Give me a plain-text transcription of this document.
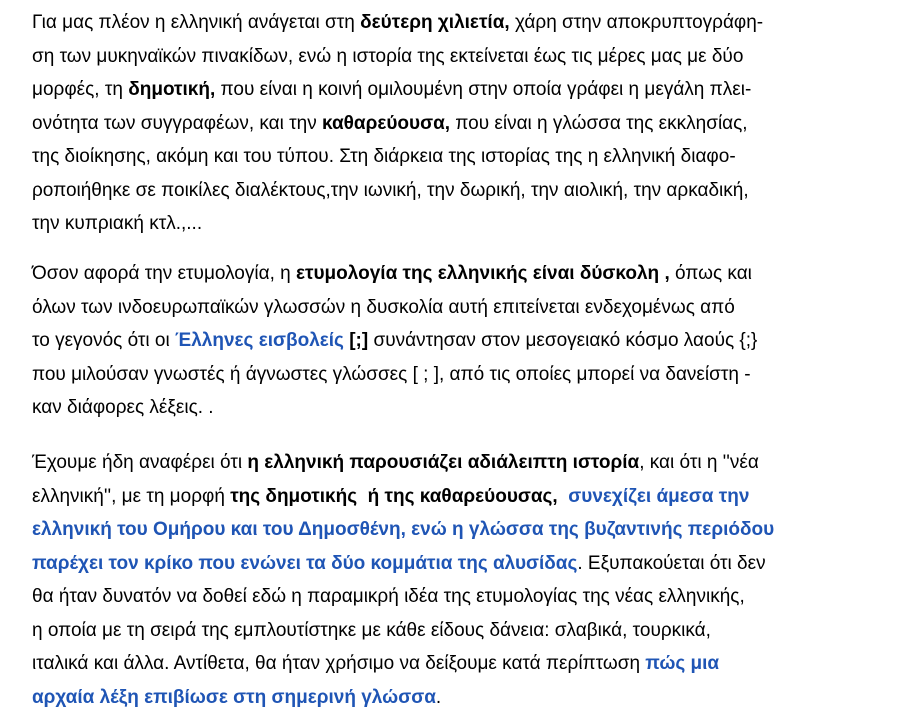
Για μας πλέον η ελληνική ανάγεται στη δεύτερη χιλιετία, χάρη στην αποκρυπτογράφη-
ση των μυκηναϊκών πινακίδων, ενώ η ιστορία της εκτείνεται έως τις μέρες μας με δύο
μορφές, τη δημοτική, που είναι η κοινή ομιλουμένη στην οποία γράφει η μεγάλη πλει-
ονότητα των συγγραφέων, και την καθαρεύουσα, που είναι η γλώσσα της εκκλησίας,
της διοίκησης, ακόμη και του τύπου. Στη διάρκεια της ιστορίας της η ελληνική διαφο-
ροποιήθηκε σε ποικίλες διαλέκτους,την ιωνική, την δωρική, την αιολική, την αρκαδική,
την κυπριακή κτλ.,...
Όσον αφορά την ετυμολογία, η ετυμολογία της ελληνικής είναι δύσκολη , όπως και
όλων των ινδοευρωπαϊκών γλωσσών η δυσκολία αυτή επιτείνεται ενδεχομένως από
το γεγονός ότι οι Έλληνες εισβολείς [;] συνάντησαν στον μεσογειακό κόσμο λαούς {;}
που μιλούσαν γνωστές ή άγνωστες γλώσσες [ ; ], από τις οποίες μπορεί να δανείστη -
καν διάφορες λέξεις. .
Έχουμε ήδη αναφέρει ότι η ελληνική παρουσιάζει αδιάλειπτη ιστορία, και ότι η ''νέα
ελληνική'', με τη μορφή της δημοτικής  ή της καθαρεύουσας, συνεχίζει άμεσα την
ελληνική του Ομήρου και του Δημοσθένη, ενώ η γλώσσα της βυζαντινής περιόδου
παρέχει τον κρίκο που ενώνει τα δύο κομμάτια της αλυσίδας. Εξυπακούεται ότι δεν
θα ήταν δυνατόν να δοθεί εδώ η παραμικρή ιδέα της ετυμολογίας της νέας ελληνικής,
η οποία με τη σειρά της εμπλουτίστηκε με κάθε είδους δάνεια: σλαβικά, τουρκικά,
ιταλικά και άλλα. Αντίθετα, θα ήταν χρήσιμο να δείξουμε κατά περίπτωση πώς μια
αρχαία λέξη επιβίωσε στη σημερινή γλώσσα.
